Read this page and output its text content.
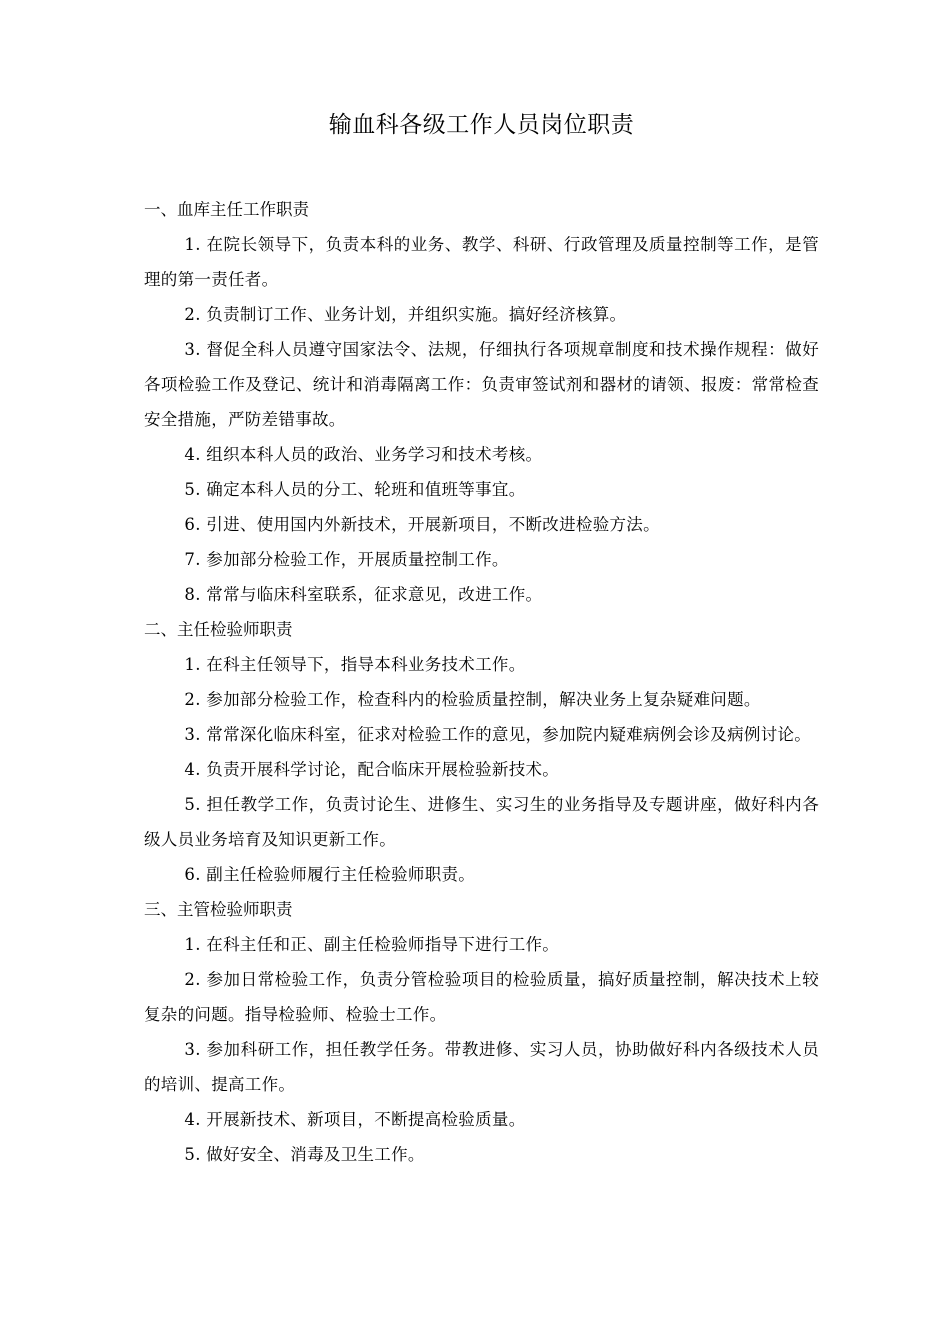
输血科各级工作人员岗位职责

一、血库主任工作职责

1. 在院长领导下，负责本科的业务、教学、科研、行政管理及质量控制等工作，是管理的第一责任者。

2. 负责制订工作、业务计划，并组织实施。搞好经济核算。

3. 督促全科人员遵守国家法令、法规，仔细执行各项规章制度和技术操作规程：做好各项检验工作及登记、统计和消毒隔离工作：负责审签试剂和器材的请领、报废：常常检查安全措施，严防差错事故。

4. 组织本科人员的政治、业务学习和技术考核。

5. 确定本科人员的分工、轮班和值班等事宜。

6. 引进、使用国内外新技术，开展新项目，不断改进检验方法。

7. 参加部分检验工作，开展质量控制工作。

8. 常常与临床科室联系，征求意见，改进工作。

二、主任检验师职责

1. 在科主任领导下，指导本科业务技术工作。

2. 参加部分检验工作，检查科内的检验质量控制，解决业务上复杂疑难问题。

3. 常常深化临床科室，征求对检验工作的意见，参加院内疑难病例会诊及病例讨论。

4. 负责开展科学讨论，配合临床开展检验新技术。

5. 担任教学工作，负责讨论生、进修生、实习生的业务指导及专题讲座，做好科内各级人员业务培育及知识更新工作。

6. 副主任检验师履行主任检验师职责。

三、主管检验师职责

1. 在科主任和正、副主任检验师指导下进行工作。

2. 参加日常检验工作，负责分管检验项目的检验质量，搞好质量控制，解决技术上较复杂的问题。指导检验师、检验士工作。

3. 参加科研工作，担任教学任务。带教进修、实习人员，协助做好科内各级技术人员的培训、提高工作。

4. 开展新技术、新项目，不断提高检验质量。

5. 做好安全、消毒及卫生工作。
